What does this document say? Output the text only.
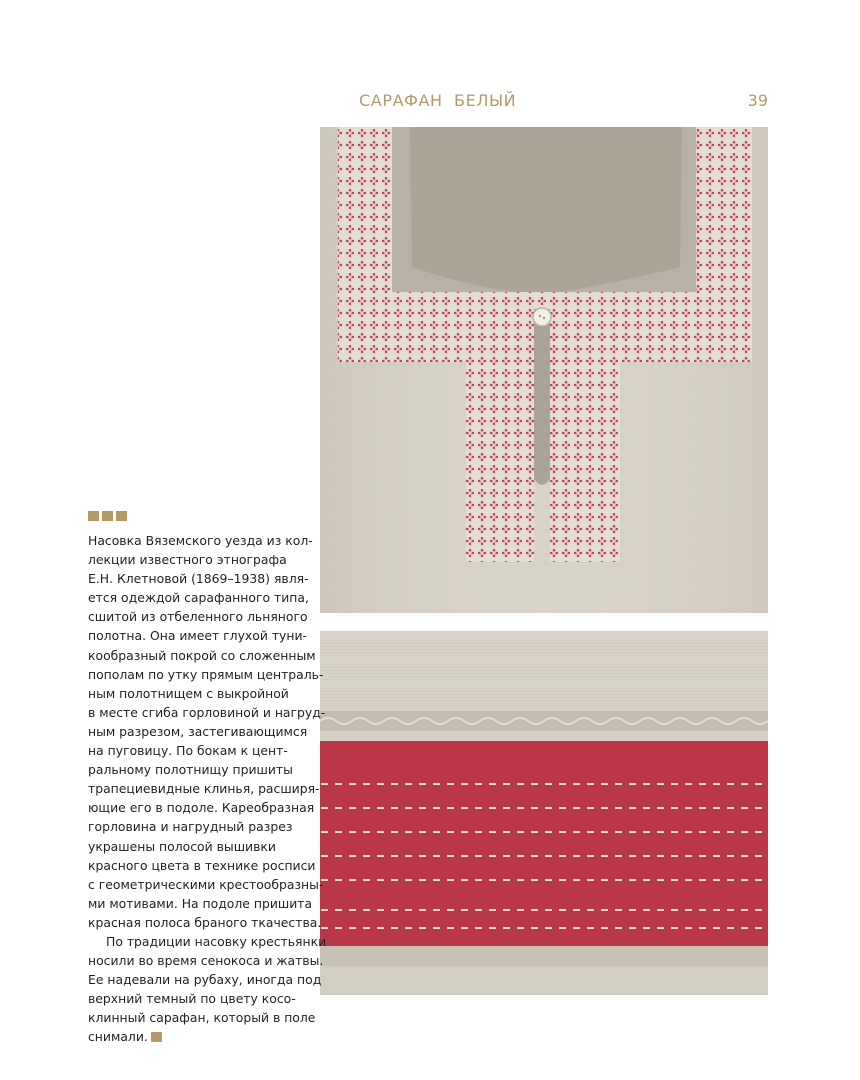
САРАФАН  БЕЛЫЙ	39

Насовка Вяземского уезда из кол-
лекции известного этнографа
Е.Н. Клетновой (1869–1938) явля-
ется одеждой сарафанного типа,
сшитой из отбеленного льняного
полотна. Она имеет глухой туни-
кообразный покрой со сложенным
пополам по утку прямым централь-
ным полотнищем с выкройной
в месте сгиба горловиной и нагруд-
ным разрезом, застегивающимся
на пуговицу. По бокам к цент-
ральному полотнищу пришиты
трапециевидные клинья, расширя-
ющие его в подоле. Карeобразная
горловина и нагрудный разрез
украшены полосой вышивки
красного цвета в технике росписи
с геометрическими крестообразны-
ми мотивами. На подоле пришита
красная полоса браного ткачества.

По традиции насовку крестьянки
носили во время сенокоса и жатвы.
Ее надевали на рубаху, иногда под
верхний темный по цвету косо-
клинный сарафан, который в поле
снимали.
